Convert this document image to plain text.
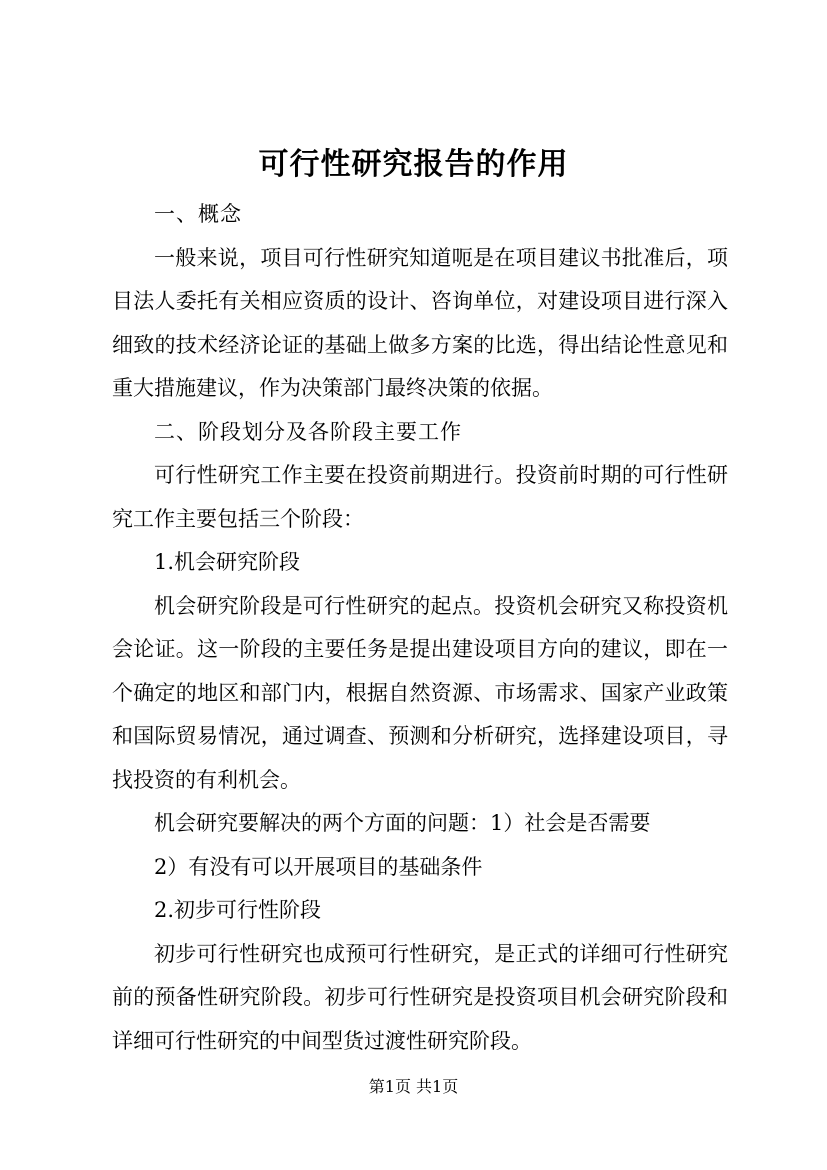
可行性研究报告的作用

一、概念

一般来说，项目可行性研究知道呃是在项目建议书批准后，项目法人委托有关相应资质的设计、咨询单位，对建设项目进行深入细致的技术经济论证的基础上做多方案的比选，得出结论性意见和重大措施建议，作为决策部门最终决策的依据。

二、阶段划分及各阶段主要工作

可行性研究工作主要在投资前期进行。投资前时期的可行性研究工作主要包括三个阶段：

1.机会研究阶段

机会研究阶段是可行性研究的起点。投资机会研究又称投资机会论证。这一阶段的主要任务是提出建设项目方向的建议，即在一个确定的地区和部门内，根据自然资源、市场需求、国家产业政策和国际贸易情况，通过调查、预测和分析研究，选择建设项目，寻找投资的有利机会。

机会研究要解决的两个方面的问题：1）社会是否需要

2）有没有可以开展项目的基础条件

2.初步可行性阶段

初步可行性研究也成预可行性研究，是正式的详细可行性研究前的预备性研究阶段。初步可行性研究是投资项目机会研究阶段和详细可行性研究的中间型货过渡性研究阶段。

第1页 共1页
